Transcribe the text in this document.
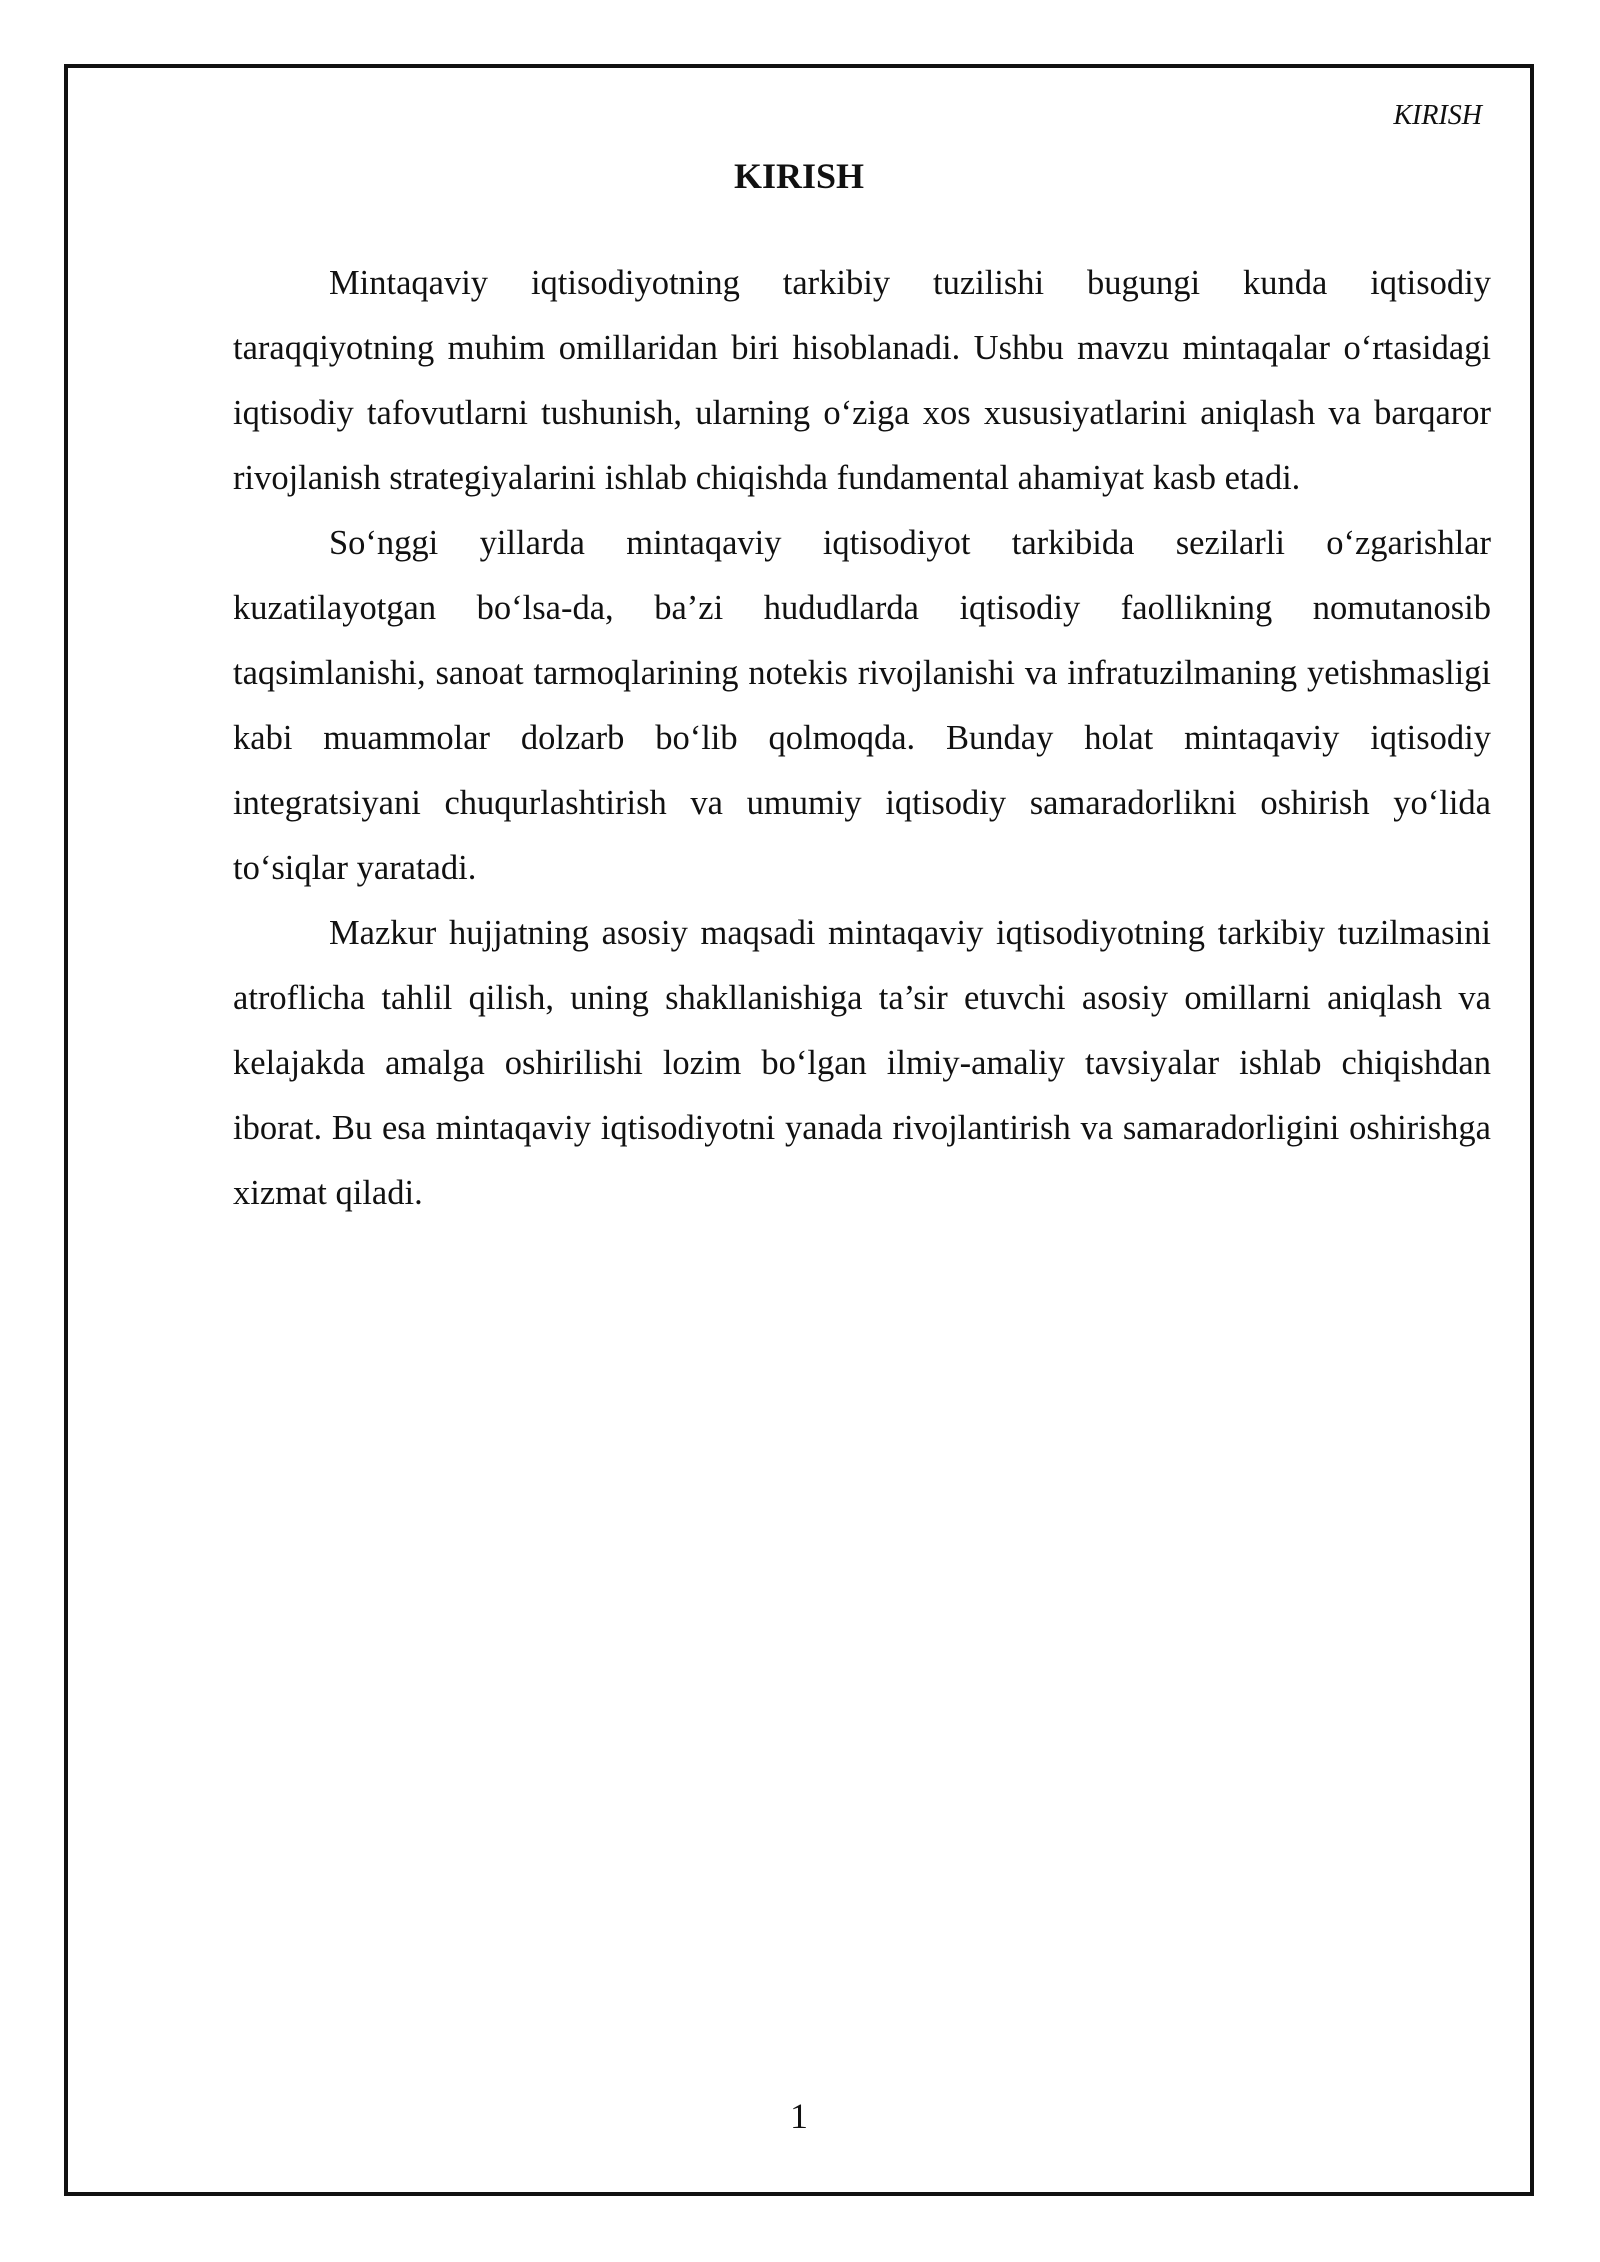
KIRISH
KIRISH

Mintaqaviy iqtisodiyotning tarkibiy tuzilishi bugungi kunda iqtisodiy taraqqiyotning muhim omillaridan biri hisoblanadi. Ushbu mavzu mintaqalar o‘rtasidagi iqtisodiy tafovutlarni tushunish, ularning o‘ziga xos xususiyatlarini aniqlash va barqaror rivojlanish strategiyalarini ishlab chiqishda fundamental ahamiyat kasb etadi.

So‘nggi yillarda mintaqaviy iqtisodiyot tarkibida sezilarli o‘zgarishlar kuzatilayotgan bo‘lsa-da, ba’zi hududlarda iqtisodiy faollikning nomutanosib taqsimlanishi, sanoat tarmoqlarining notekis rivojlanishi va infratuzilmaning yetishmasligi kabi muammolar dolzarb bo‘lib qolmoqda. Bunday holat mintaqaviy iqtisodiy integratsiyani chuqurlashtirish va umumiy iqtisodiy samaradorlikni oshirish yo‘lida to‘siqlar yaratadi.

Mazkur hujjatning asosiy maqsadi mintaqaviy iqtisodiyotning tarkibiy tuzilmasini atroflicha tahlil qilish, uning shakllanishiga ta’sir etuvchi asosiy omillarni aniqlash va kelajakda amalga oshirilishi lozim bo‘lgan ilmiy-amaliy tavsiyalar ishlab chiqishdan iborat. Bu esa mintaqaviy iqtisodiyotni yanada rivojlantirish va samaradorligini oshirishga xizmat qiladi.

1
